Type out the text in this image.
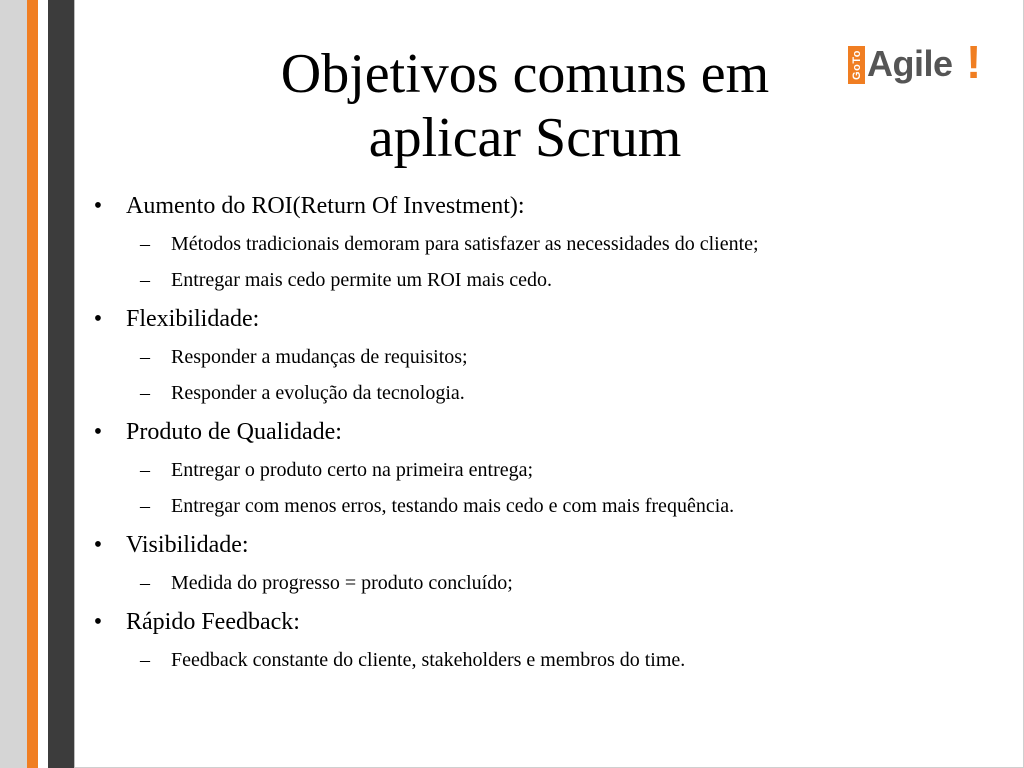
Objetivos comuns em
aplicar Scrum
GoTo Agile !
• Aumento do ROI(Return Of Investment):
– Métodos tradicionais demoram para satisfazer as necessidades do cliente;
– Entregar mais cedo permite um ROI mais cedo.
• Flexibilidade:
– Responder a mudanças de requisitos;
– Responder a evolução da tecnologia.
• Produto de Qualidade:
– Entregar o produto certo na primeira entrega;
– Entregar com menos erros, testando mais cedo e com mais frequência.
• Visibilidade:
– Medida do progresso = produto concluído;
• Rápido Feedback:
– Feedback constante do cliente, stakeholders e membros do time.
